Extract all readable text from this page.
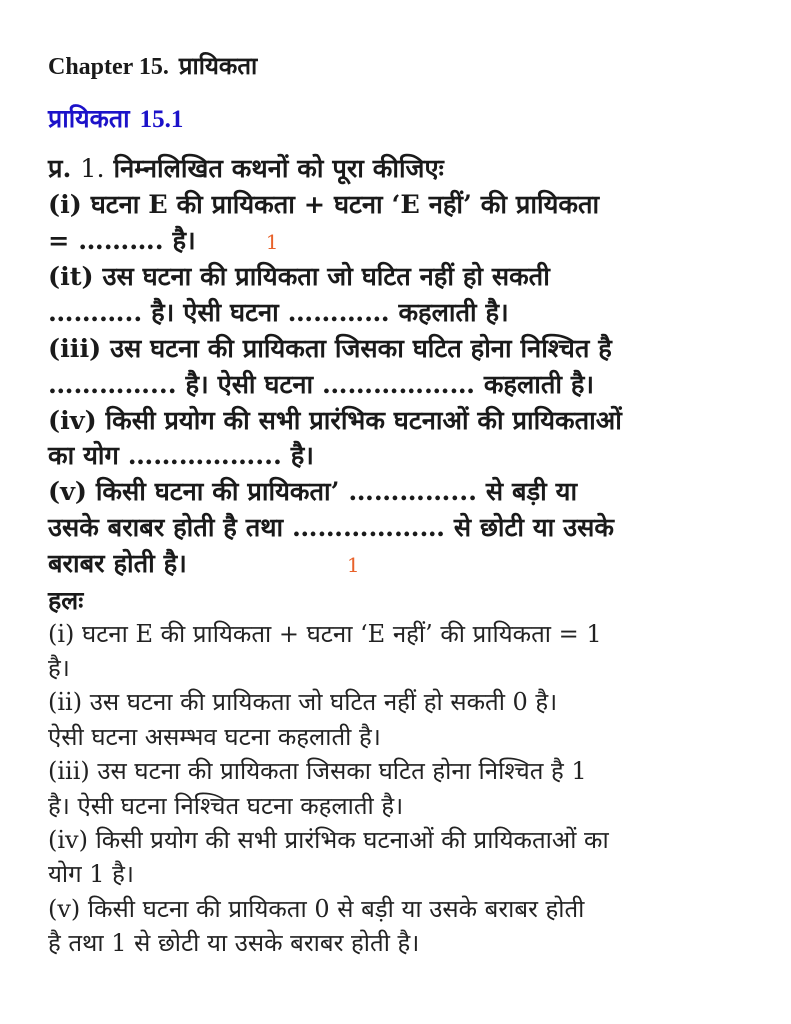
Chapter 15. प्रायिकता
प्रायिकता 15.1
प्र. 1. निम्नलिखित कथनों को पूरा कीजिएः
(i) घटना E की प्रायिकता + घटना ‘E नहीं’ की प्रायिकता
= ………. है।	1
(it) उस घटना की प्रायिकता जो घटित नहीं हो सकती
……….. है। ऐसी घटना ………… कहलाती है।
(iii) उस घटना की प्रायिकता जिसका घटित होना निश्चित है
…………... है। ऐसी घटना ……………… कहलाती है।
(iv) किसी प्रयोग की सभी प्रारंभिक घटनाओं की प्रायिकताओं
का योग ……………... है।
(v) किसी घटना की प्रायिकता’ …………... से बड़ी या
उसके बराबर होती है तथा ……………… से छोटी या उसके
बराबर होती है।	1
हलः
(i) घटना E की प्रायिकता + घटना ‘E नहीं’ की प्रायिकता = 1
है।
(ii) उस घटना की प्रायिकता जो घटित नहीं हो सकती 0 है।
ऐसी घटना असम्भव घटना कहलाती है।
(iii) उस घटना की प्रायिकता जिसका घटित होना निश्चित है 1
है। ऐसी घटना निश्चित घटना कहलाती है।
(iv) किसी प्रयोग की सभी प्रारंभिक घटनाओं की प्रायिकताओं का
योग 1 है।
(v) किसी घटना की प्रायिकता 0 से बड़ी या उसके बराबर होती
है तथा 1 से छोटी या उसके बराबर होती है।
